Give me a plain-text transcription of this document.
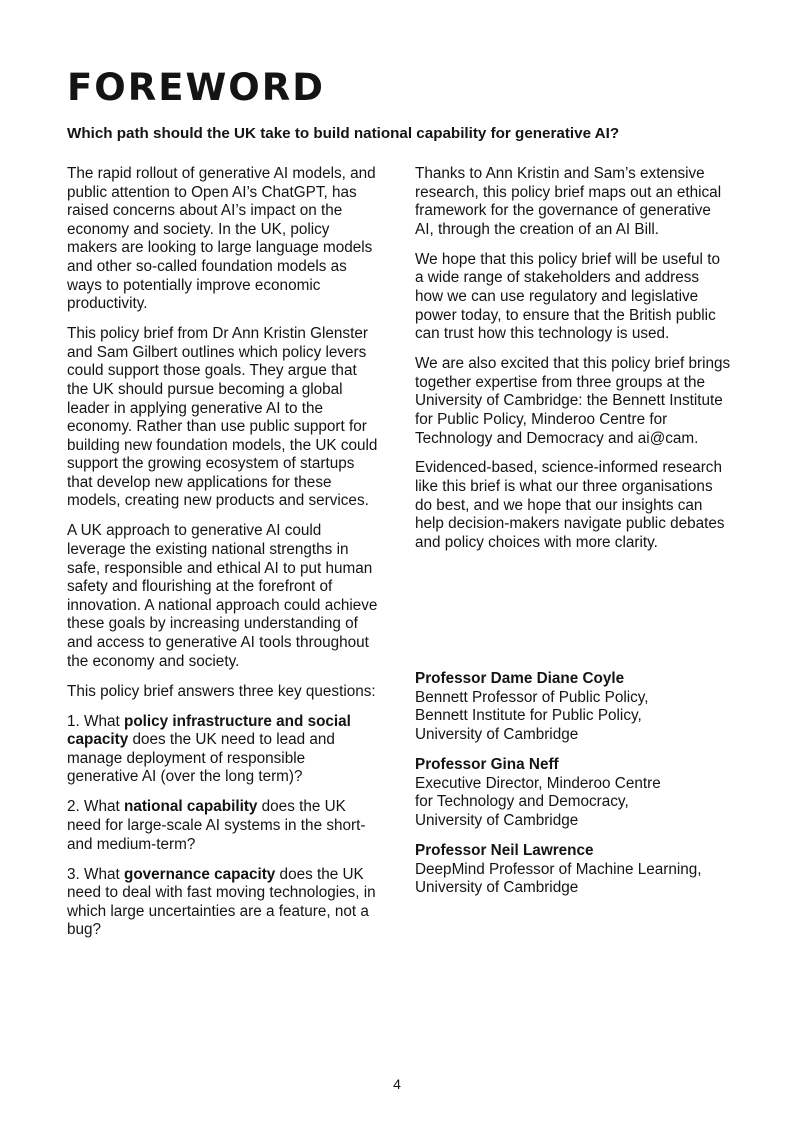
FOREWORD
Which path should the UK take to build national capability for generative AI?

The rapid rollout of generative AI models, and public attention to Open AI’s ChatGPT, has raised concerns about AI’s impact on the economy and society. In the UK, policy makers are looking to large language models and other so-called foundation models as ways to potentially improve economic productivity.

This policy brief from Dr Ann Kristin Glenster and Sam Gilbert outlines which policy levers could support those goals. They argue that the UK should pursue becoming a global leader in applying generative AI to the economy. Rather than use public support for building new foundation models, the UK could support the growing ecosystem of startups that develop new applications for these models, creating new products and services.

A UK approach to generative AI could leverage the existing national strengths in safe, responsible and ethical AI to put human safety and flourishing at the forefront of innovation. A national approach could achieve these goals by increasing understanding of and access to generative AI tools throughout the economy and society.

This policy brief answers three key questions:

1. What policy infrastructure and social capacity does the UK need to lead and manage deployment of responsible generative AI (over the long term)?

2. What national capability does the UK need for large-scale AI systems in the short- and medium-term?

3. What governance capacity does the UK need to deal with fast moving technologies, in which large uncertainties are a feature, not a bug?

Thanks to Ann Kristin and Sam’s extensive research, this policy brief maps out an ethical framework for the governance of generative AI, through the creation of an AI Bill.

We hope that this policy brief will be useful to a wide range of stakeholders and address how we can use regulatory and legislative power today, to ensure that the British public can trust how this technology is used.

We are also excited that this policy brief brings together expertise from three groups at the University of Cambridge: the Bennett Institute for Public Policy, Minderoo Centre for Technology and Democracy and ai@cam.

Evidenced-based, science-informed research like this brief is what our three organisations do best, and we hope that our insights can help decision-makers navigate public debates and policy choices with more clarity.

Professor Dame Diane Coyle
Bennett Professor of Public Policy,
Bennett Institute for Public Policy,
University of Cambridge
Professor Gina Neff
Executive Director, Minderoo Centre
for Technology and Democracy,
University of Cambridge
Professor Neil Lawrence
DeepMind Professor of Machine Learning,
University of Cambridge
4
